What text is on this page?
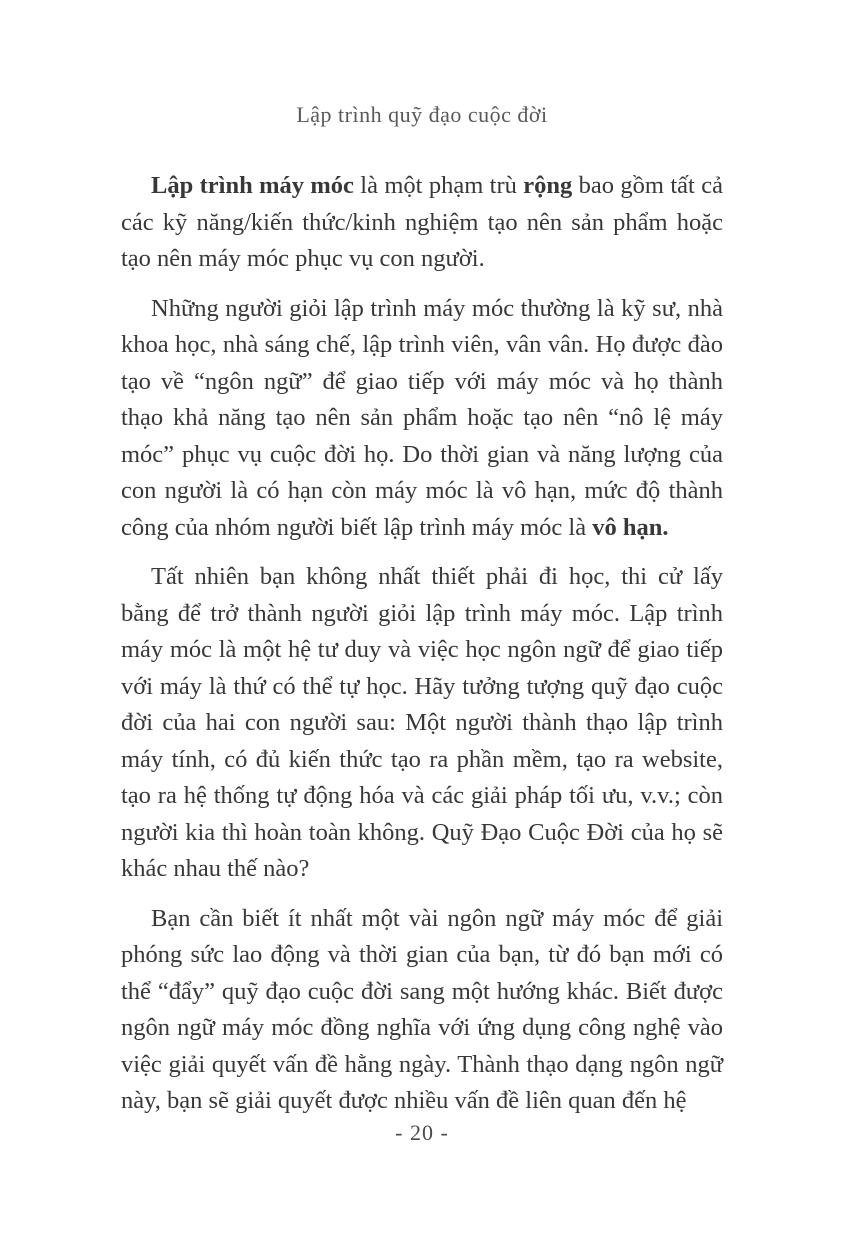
Lập trình quỹ đạo cuộc đời

Lập trình máy móc là một phạm trù rộng bao gồm tất cả các kỹ năng/kiến thức/kinh nghiệm tạo nên sản phẩm hoặc tạo nên máy móc phục vụ con người.

Những người giỏi lập trình máy móc thường là kỹ sư, nhà khoa học, nhà sáng chế, lập trình viên, vân vân. Họ được đào tạo về “ngôn ngữ” để giao tiếp với máy móc và họ thành thạo khả năng tạo nên sản phẩm hoặc tạo nên “nô lệ máy móc” phục vụ cuộc đời họ. Do thời gian và năng lượng của con người là có hạn còn máy móc là vô hạn, mức độ thành công của nhóm người biết lập trình máy móc là vô hạn.

Tất nhiên bạn không nhất thiết phải đi học, thi cử lấy bằng để trở thành người giỏi lập trình máy móc. Lập trình máy móc là một hệ tư duy và việc học ngôn ngữ để giao tiếp với máy là thứ có thể tự học. Hãy tưởng tượng quỹ đạo cuộc đời của hai con người sau: Một người thành thạo lập trình máy tính, có đủ kiến thức tạo ra phần mềm, tạo ra website, tạo ra hệ thống tự động hóa và các giải pháp tối ưu, v.v.; còn người kia thì hoàn toàn không. Quỹ Đạo Cuộc Đời của họ sẽ khác nhau thế nào?

Bạn cần biết ít nhất một vài ngôn ngữ máy móc để giải phóng sức lao động và thời gian của bạn, từ đó bạn mới có thể “đẩy” quỹ đạo cuộc đời sang một hướng khác. Biết được ngôn ngữ máy móc đồng nghĩa với ứng dụng công nghệ vào việc giải quyết vấn đề hằng ngày. Thành thạo dạng ngôn ngữ này, bạn sẽ giải quyết được nhiều vấn đề liên quan đến hệ

- 20 -
